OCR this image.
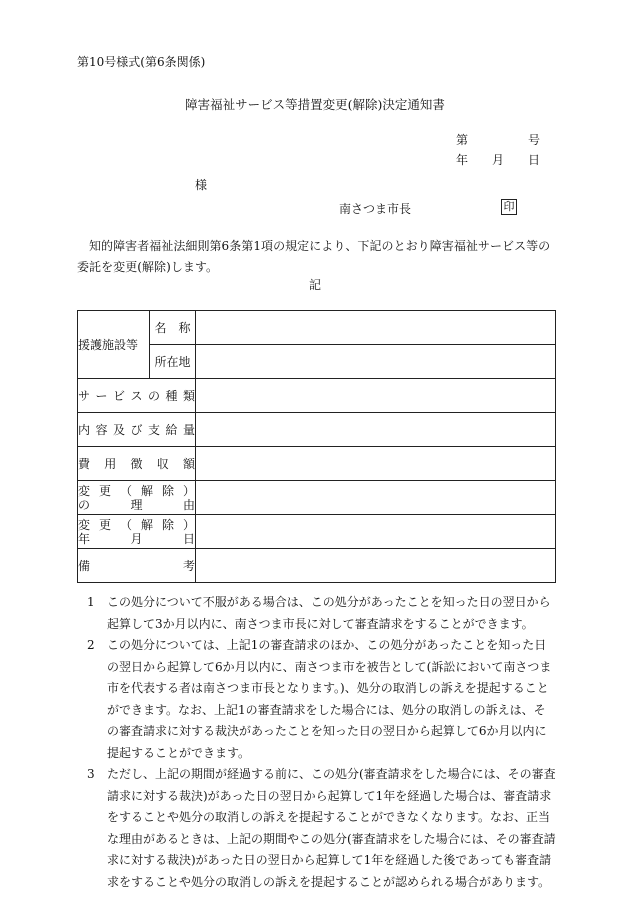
第10号様式(第6条関係)
障害福祉サービス等措置変更(解除)決定通知書
第	号
年 月 日
様
南さつま市長	印
知的障害者福祉法細則第6条第1項の規定により、下記のとおり障害福祉サービス等の委託を変更(解除)します。
記
援護施設等	名　称	
	所在地	
サービスの種類		
内容及び支給量		
費用徴収額		

変更（解除）
の理由		

変更（解除）
年月日		

備考		
1	この処分について不服がある場合は、この処分があったことを知った日の翌日から起算して3か月以内に、南さつま市長に対して審査請求をすることができます。
2	この処分については、上記1の審査請求のほか、この処分があったことを知った日の翌日から起算して6か月以内に、南さつま市を被告として(訴訟において南さつま市を代表する者は南さつま市長となります。)、処分の取消しの訴えを提起することができます。なお、上記1の審査請求をした場合には、処分の取消しの訴えは、その審査請求に対する裁決があったことを知った日の翌日から起算して6か月以内に提起することができます。
3	ただし、上記の期間が経過する前に、この処分(審査請求をした場合には、その審査請求に対する裁決)があった日の翌日から起算して1年を経過した場合は、審査請求をすることや処分の取消しの訴えを提起することができなくなります。なお、正当な理由があるときは、上記の期間やこの処分(審査請求をした場合には、その審査請求に対する裁決)があった日の翌日から起算して1年を経過した後であっても審査請求をすることや処分の取消しの訴えを提起することが認められる場合があります。
